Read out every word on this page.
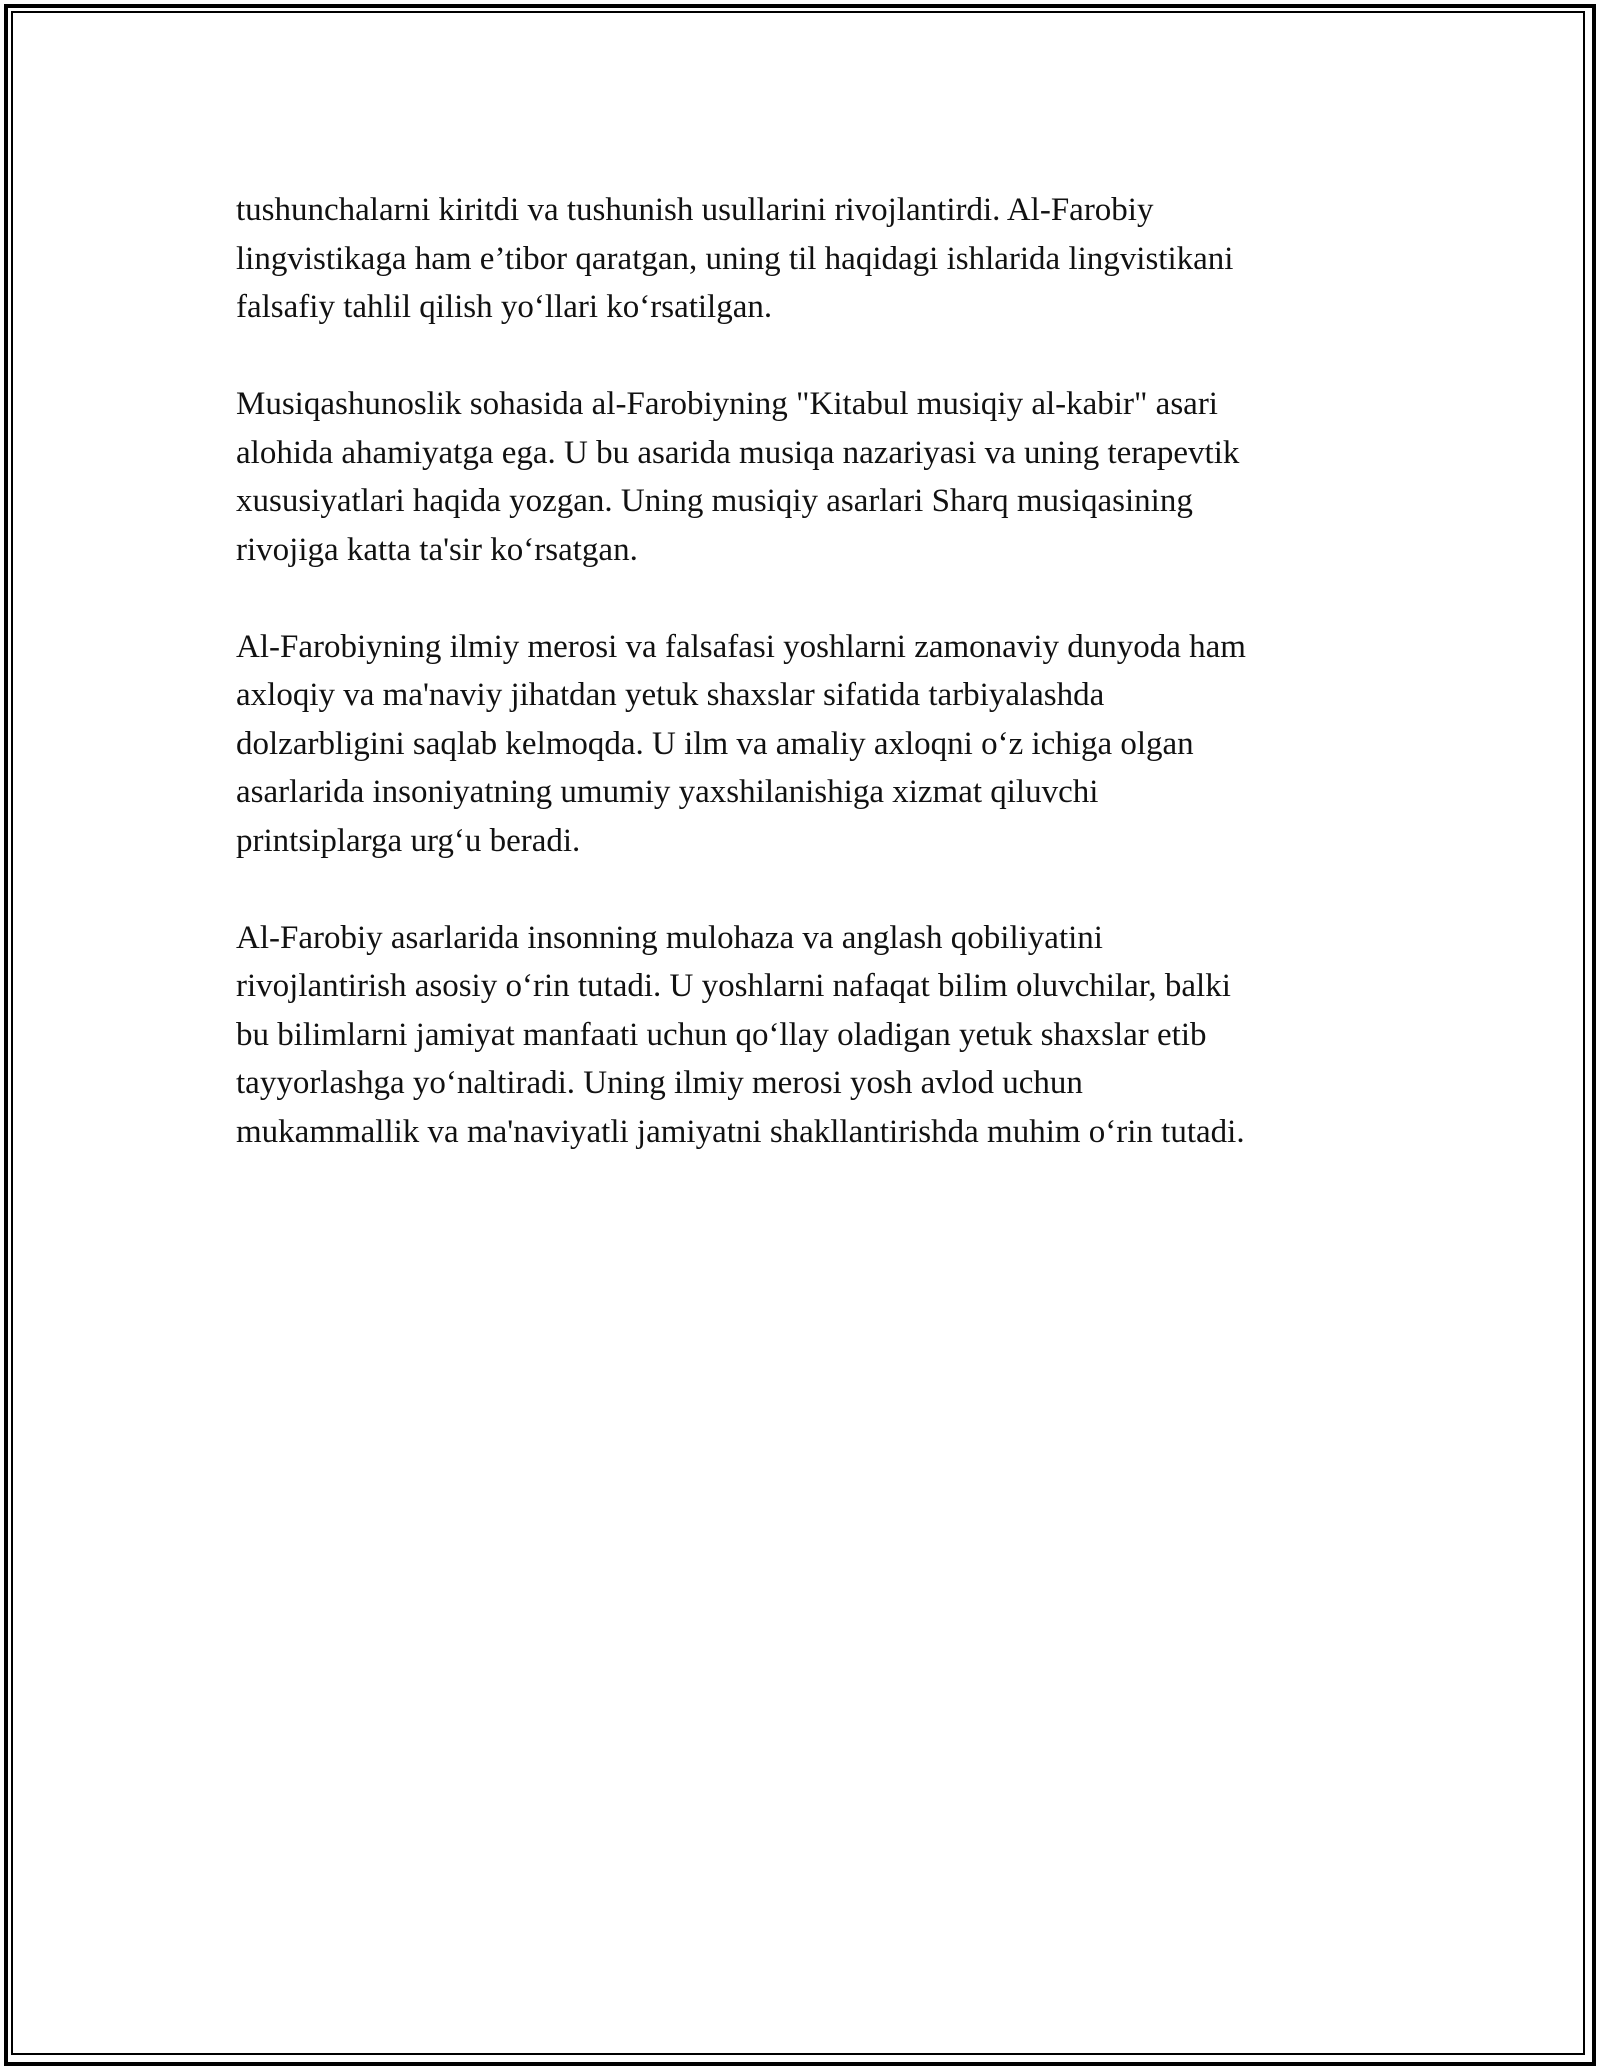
tushunchalarni kiritdi va tushunish usullarini rivojlantirdi. Al-Farobiy
lingvistikaga ham e’tibor qaratgan, uning til haqidagi ishlarida lingvistikani
falsafiy tahlil qilish yo‘llari ko‘rsatilgan.

Musiqashunoslik sohasida al-Farobiyning "Kitabul musiqiy al-kabir" asari
alohida ahamiyatga ega. U bu asarida musiqa nazariyasi va uning terapevtik
xususiyatlari haqida yozgan. Uning musiqiy asarlari Sharq musiqasining
rivojiga katta ta'sir ko‘rsatgan.

Al-Farobiyning ilmiy merosi va falsafasi yoshlarni zamonaviy dunyoda ham
axloqiy va ma'naviy jihatdan yetuk shaxslar sifatida tarbiyalashda
dolzarbligini saqlab kelmoqda. U ilm va amaliy axloqni o‘z ichiga olgan
asarlarida insoniyatning umumiy yaxshilanishiga xizmat qiluvchi
printsiplarga urg‘u beradi.

Al-Farobiy asarlarida insonning mulohaza va anglash qobiliyatini
rivojlantirish asosiy o‘rin tutadi. U yoshlarni nafaqat bilim oluvchilar, balki
bu bilimlarni jamiyat manfaati uchun qo‘llay oladigan yetuk shaxslar etib
tayyorlashga yo‘naltiradi. Uning ilmiy merosi yosh avlod uchun
mukammallik va ma'naviyatli jamiyatni shakllantirishda muhim o‘rin tutadi.
